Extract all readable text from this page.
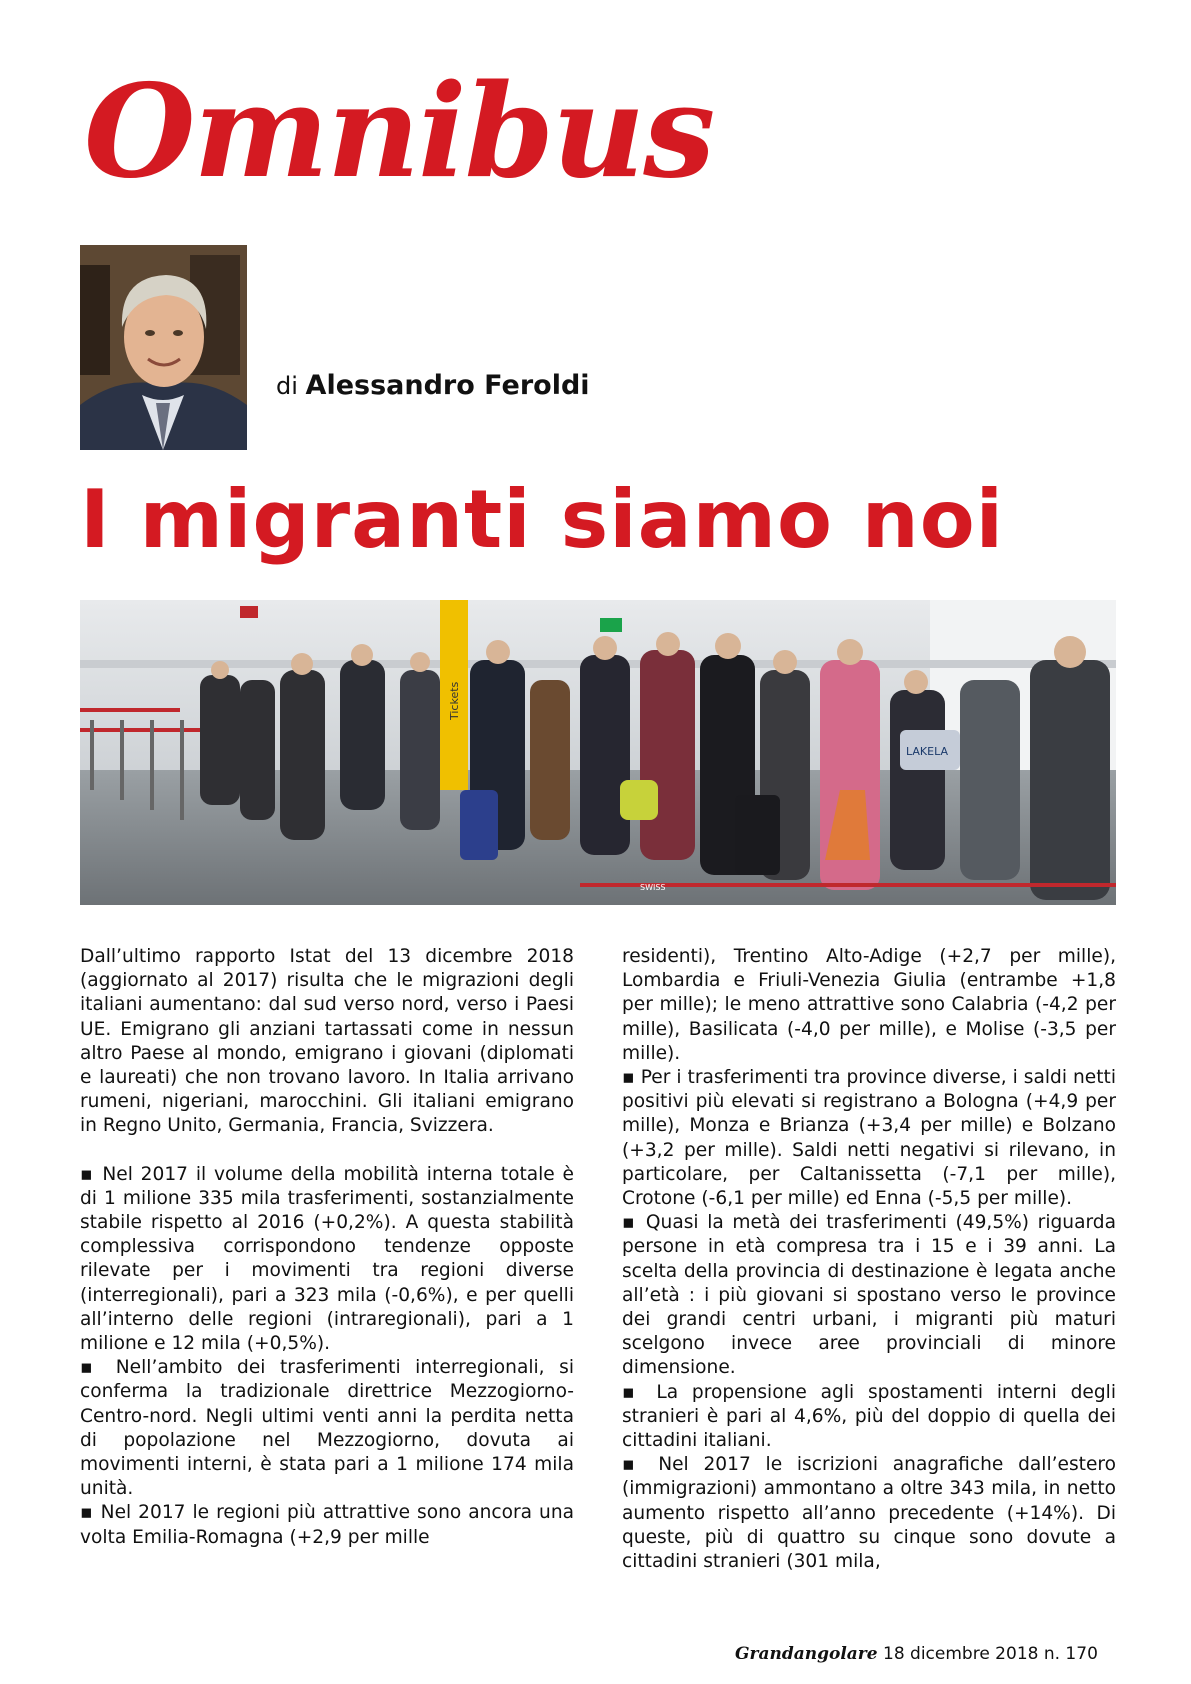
Omnibus
di Alessandro Feroldi
I migranti siamo noi
Tickets
LAKELA
SWISS

Dall’ultimo rapporto Istat del 13 dicembre 2018 (aggiornato al 2017) risulta che le migrazioni degli italiani aumentano: dal sud verso nord, verso i Paesi UE. Emigrano gli anziani tartassati come in nessun altro Paese al mondo, emigrano i giovani (diplomati e laureati) che non trovano lavoro. In Italia arrivano rumeni, nigeriani, marocchini. Gli italiani emigrano in Regno Unito, Germania, Francia, Svizzera.

▪ Nel 2017 il volume della mobilità interna totale è di 1 milione 335 mila trasferimenti, sostanzialmente stabile rispetto al 2016 (+0,2%). A questa stabilità complessiva corrispondono tendenze opposte rilevate per i movimenti tra regioni diverse (interregionali), pari a 323 mila (-0,6%), e per quelli all’interno delle regioni (intraregionali), pari a 1 milione e 12 mila (+0,5%).

▪ Nell’ambito dei trasferimenti interregionali, si conferma la tradizionale direttrice Mezzogiorno-Centro-nord. Negli ultimi venti anni la perdita netta di popolazione nel Mezzogiorno, dovuta ai movimenti interni, è stata pari a 1 milione 174 mila unità.

▪ Nel 2017 le regioni più attrattive sono ancora una volta Emilia-Romagna (+2,9 per mille

residenti), Trentino Alto-Adige (+2,7 per mille), Lombardia e Friuli-Venezia Giulia (entrambe +1,8 per mille); le meno attrattive sono Calabria (-4,2 per mille), Basilicata (-4,0 per mille), e Molise (-3,5 per mille).

▪ Per i trasferimenti tra province diverse, i saldi netti positivi più elevati si registrano a Bologna (+4,9 per mille), Monza e Brianza (+3,4 per mille) e Bolzano (+3,2 per mille). Saldi netti negativi si rilevano, in particolare, per Caltanissetta (-7,1 per mille), Crotone (-6,1 per mille) ed Enna (-5,5 per mille).

▪ Quasi la metà dei trasferimenti (49,5%) riguarda persone in età compresa tra i 15 e i 39 anni. La scelta della provincia di destinazione è legata anche all’età : i più giovani si spostano verso le province dei grandi centri urbani, i migranti più maturi scelgono invece aree provinciali di minore dimensione.

▪ La propensione agli spostamenti interni degli stranieri è pari al 4,6%, più del doppio di quella dei cittadini italiani.

▪ Nel 2017 le iscrizioni anagrafiche dall’estero (immigrazioni) ammontano a oltre 343 mila, in netto aumento rispetto all’anno precedente (+14%). Di queste, più di quattro su cinque sono dovute a cittadini stranieri (301 mila,

Grandangolare 18 dicembre 2018 n. 170
